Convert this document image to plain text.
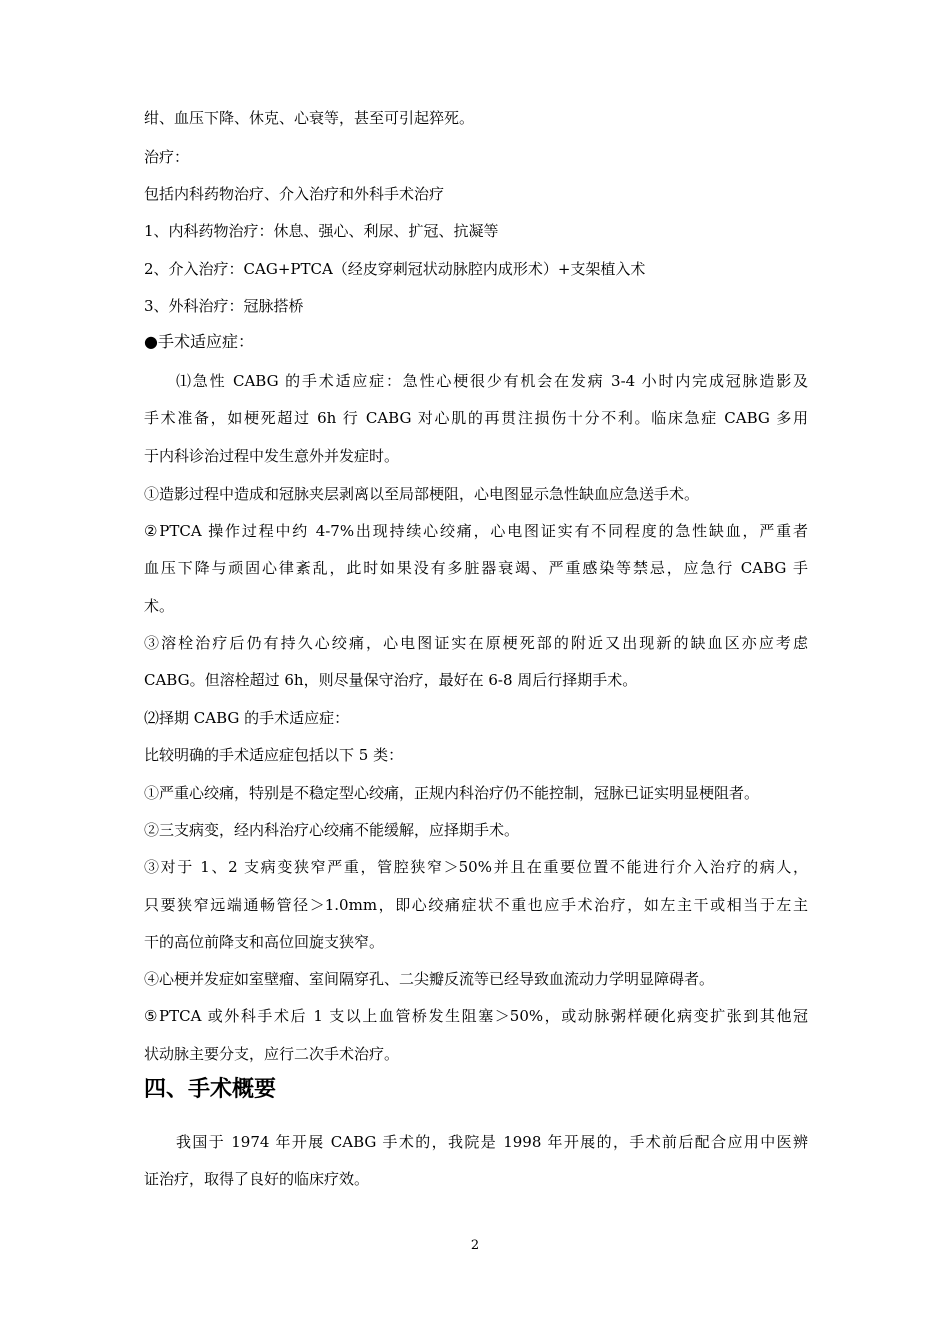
绀、血压下降、休克、心衰等，甚至可引起猝死。
治疗：
包括内科药物治疗、介入治疗和外科手术治疗
1、内科药物治疗：休息、强心、利尿、扩冠、抗凝等
2、介入治疗：CAG+PTCA（经皮穿刺冠状动脉腔内成形术）+支架植入术
3、外科治疗：冠脉搭桥
●手术适应症：
⑴急性 CABG 的手术适应症：急性心梗很少有机会在发病 3-4 小时内完成冠脉造影及
手术准备，如梗死超过 6h 行 CABG 对心肌的再贯注损伤十分不利。临床急症 CABG 多用
于内科诊治过程中发生意外并发症时。
①造影过程中造成和冠脉夹层剥离以至局部梗阻，心电图显示急性缺血应急送手术。
②PTCA 操作过程中约 4-7%出现持续心绞痛，心电图证实有不同程度的急性缺血，严重者
血压下降与顽固心律紊乱，此时如果没有多脏器衰竭、严重感染等禁忌，应急行 CABG 手
术。
③溶栓治疗后仍有持久心绞痛，心电图证实在原梗死部的附近又出现新的缺血区亦应考虑
CABG。但溶栓超过 6h，则尽量保守治疗，最好在 6-8 周后行择期手术。
⑵择期 CABG 的手术适应症：
比较明确的手术适应症包括以下 5 类：
①严重心绞痛，特别是不稳定型心绞痛，正规内科治疗仍不能控制，冠脉已证实明显梗阻者。
②三支病变，经内科治疗心绞痛不能缓解，应择期手术。
③对于 1、2 支病变狭窄严重，管腔狭窄＞50%并且在重要位置不能进行介入治疗的病人，
只要狭窄远端通畅管径＞1.0mm，即心绞痛症状不重也应手术治疗，如左主干或相当于左主
干的高位前降支和高位回旋支狭窄。
④心梗并发症如室壁瘤、室间隔穿孔、二尖瓣反流等已经导致血流动力学明显障碍者。
⑤PTCA 或外科手术后 1 支以上血管桥发生阻塞＞50%，或动脉粥样硬化病变扩张到其他冠
状动脉主要分支，应行二次手术治疗。
四、手术概要
我国于 1974 年开展 CABG 手术的，我院是 1998 年开展的，手术前后配合应用中医辨
证治疗，取得了良好的临床疗效。
2
